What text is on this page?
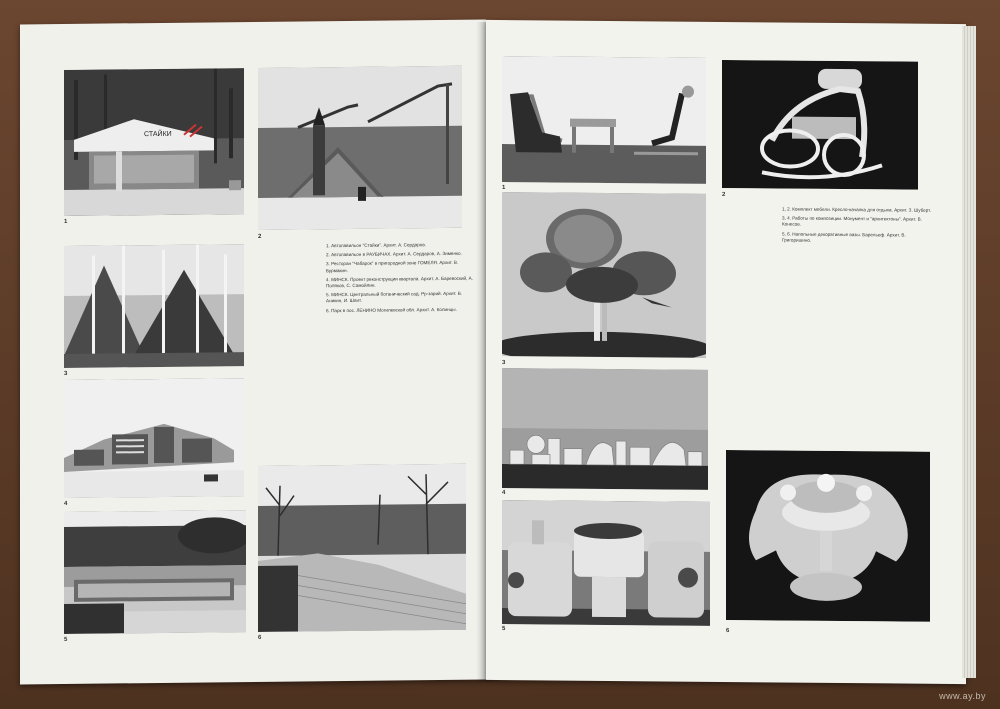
СТАЙКИ
1
2
3
4
5	6

1. Автопавильон "Стайки". Архит. А. Сердаров.

2. Автопавильон в РАУБИЧАХ. Архит. А. Сердаров, А. Зименко.

3. Ресторан "Чабарок" в пригородной зоне ГОМЕЛЯ. Архит. В. Бурмакин.

4. МИНСК. Проект реконструкции квартала. Архит. А. Баревоский, А. Поляков, С. Самойлин.

5. МИНСК. Центральный ботанический сад. Рр-зарий. Архит. В. Аникин, И. Шпит.

6. Парк в пос. ЛЕНИНО Могилевской обл. Архит. А. Колинцы.

1
2
3

1, 2. Комплект мебели. Кресло-качалка для отдыха. Архит. З. Шуберт.

3, 4. Работы по композиции. Монумент и "архитектоны". Архит. В. Конесов.

5, 6. Напольные декоративные вазы. Барельеф. Архит. В. Григоришино.

4
5	6
www.ay.by
